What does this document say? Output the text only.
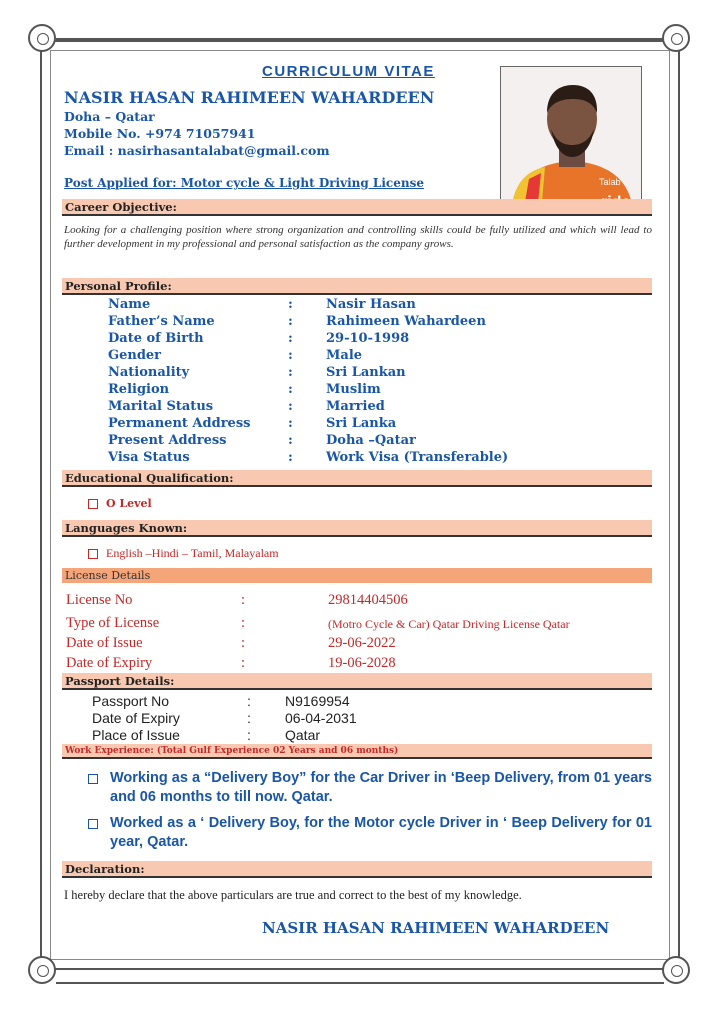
CURRICULUM VITAE
NASIR HASAN RAHIMEEN WAHARDEEN
Doha – Qatar
Mobile No. +974 71057941
Email : nasirhasantalabat@gmail.com
Post Applied for: Motor cycle & Light Driving License	Talab
Career Objective:
Looking for a challenging position where strong organization and controlling skills could be fully utilized and which will lead to further development in my professional and personal satisfaction as the company grows.
Personal Profile:
Name	:	Nasir Hasan
Father’s Name	:	Rahimeen Wahardeen
Date of Birth	:	29-10-1998
Gender	:	Male
Nationality	:	Sri Lankan
Religion	:	Muslim
Marital Status	:	Married
Permanent Address	:	Sri Lanka
Present Address	:	Doha –Qatar
Visa Status	:	Work Visa (Transferable)
Educational Qualification:
O Level
Languages Known:
English –Hindi – Tamil, Malayalam
License Details
License No	:	29814404506
Type of License	:	(Motro Cycle & Car) Qatar Driving License Qatar
Date of Issue	:	29-06-2022
Date of Expiry	:	19-06-2028
Passport Details:
Passport No	: N9169954
Date of Expiry	: 06-04-2031
Place of Issue	: Qatar
Work Experience: (Total Gulf Experience 02 Years and 06 months)
Working as a “Delivery Boy” for the Car Driver in ‘Beep Delivery, from 01 years and 06 months to till now. Qatar.
Worked as a ‘ Delivery Boy, for the Motor cycle Driver in ‘ Beep Delivery for 01 year, Qatar.
Declaration:
I hereby declare that the above particulars are true and correct to the best of my knowledge.
NASIR HASAN RAHIMEEN WAHARDEEN
